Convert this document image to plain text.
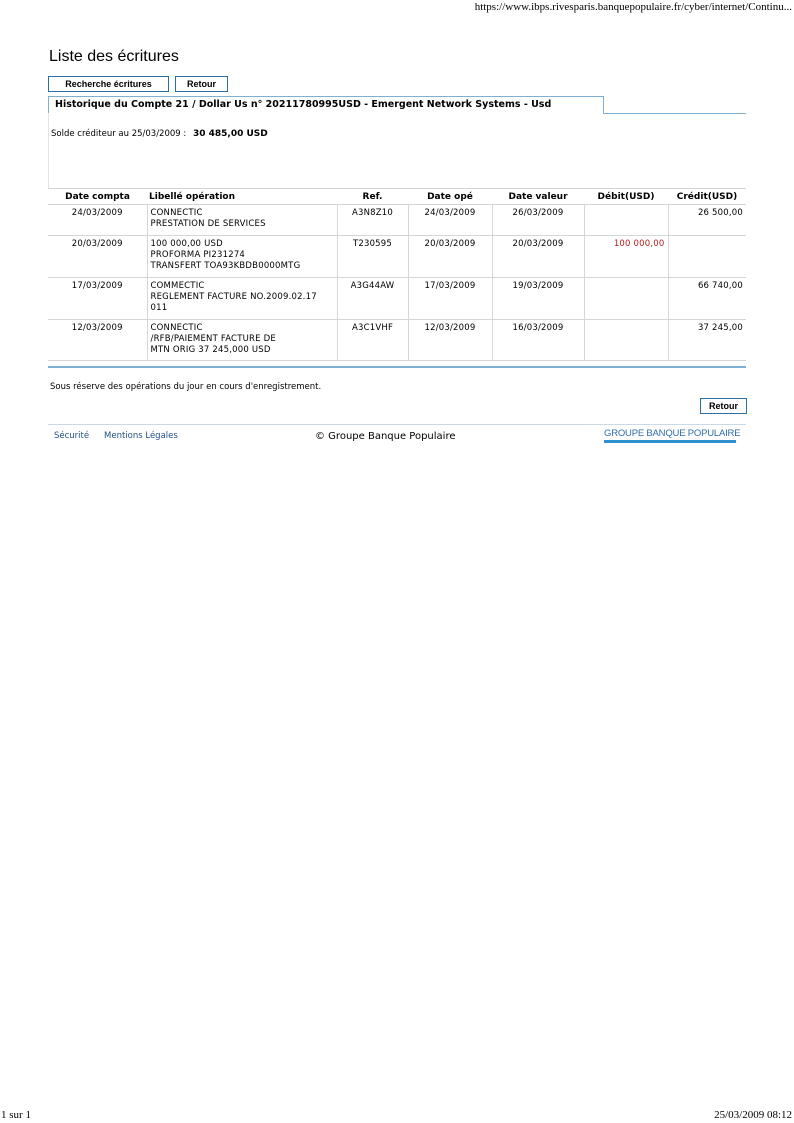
https://www.ibps.rivesparis.banquepopulaire.fr/cyber/internet/Continu...
Liste des écritures
Recherche écritures	Retour
Historique du Compte 21 / Dollar Us n° 20211780995USD - Emergent Network Systems - Usd
Solde créditeur au 25/03/2009 : 30 485,00 USD
Date compta	Libellé opération	Ref.	Date opé	Date valeur	Débit(USD)	Crédit(USD)
24/03/2009	CONNECTIC
PRESTATION DE SERVICES	A3N8Z10	24/03/2009	26/03/2009		26 500,00
20/03/2009	100 000,00 USD
PROFORMA PI231274
TRANSFERT TOA93KBDB0000MTG	T230595	20/03/2009	20/03/2009	100 000,00	
17/03/2009	COMMECTIC
REGLEMENT FACTURE NO.2009.02.17
011	A3G44AW	17/03/2009	19/03/2009		66 740,00
12/03/2009	CONNECTIC
/RFB/PAIEMENT FACTURE DE
MTN ORIG 37 245,000 USD	A3C1VHF	12/03/2009	16/03/2009		37 245,00
Sous réserve des opérations du jour en cours d'enregistrement.
Retour
Sécurité Mentions Légales	© Groupe Banque Populaire	GROUPE BANQUE POPULAIRE
1 sur 1	25/03/2009 08:12
